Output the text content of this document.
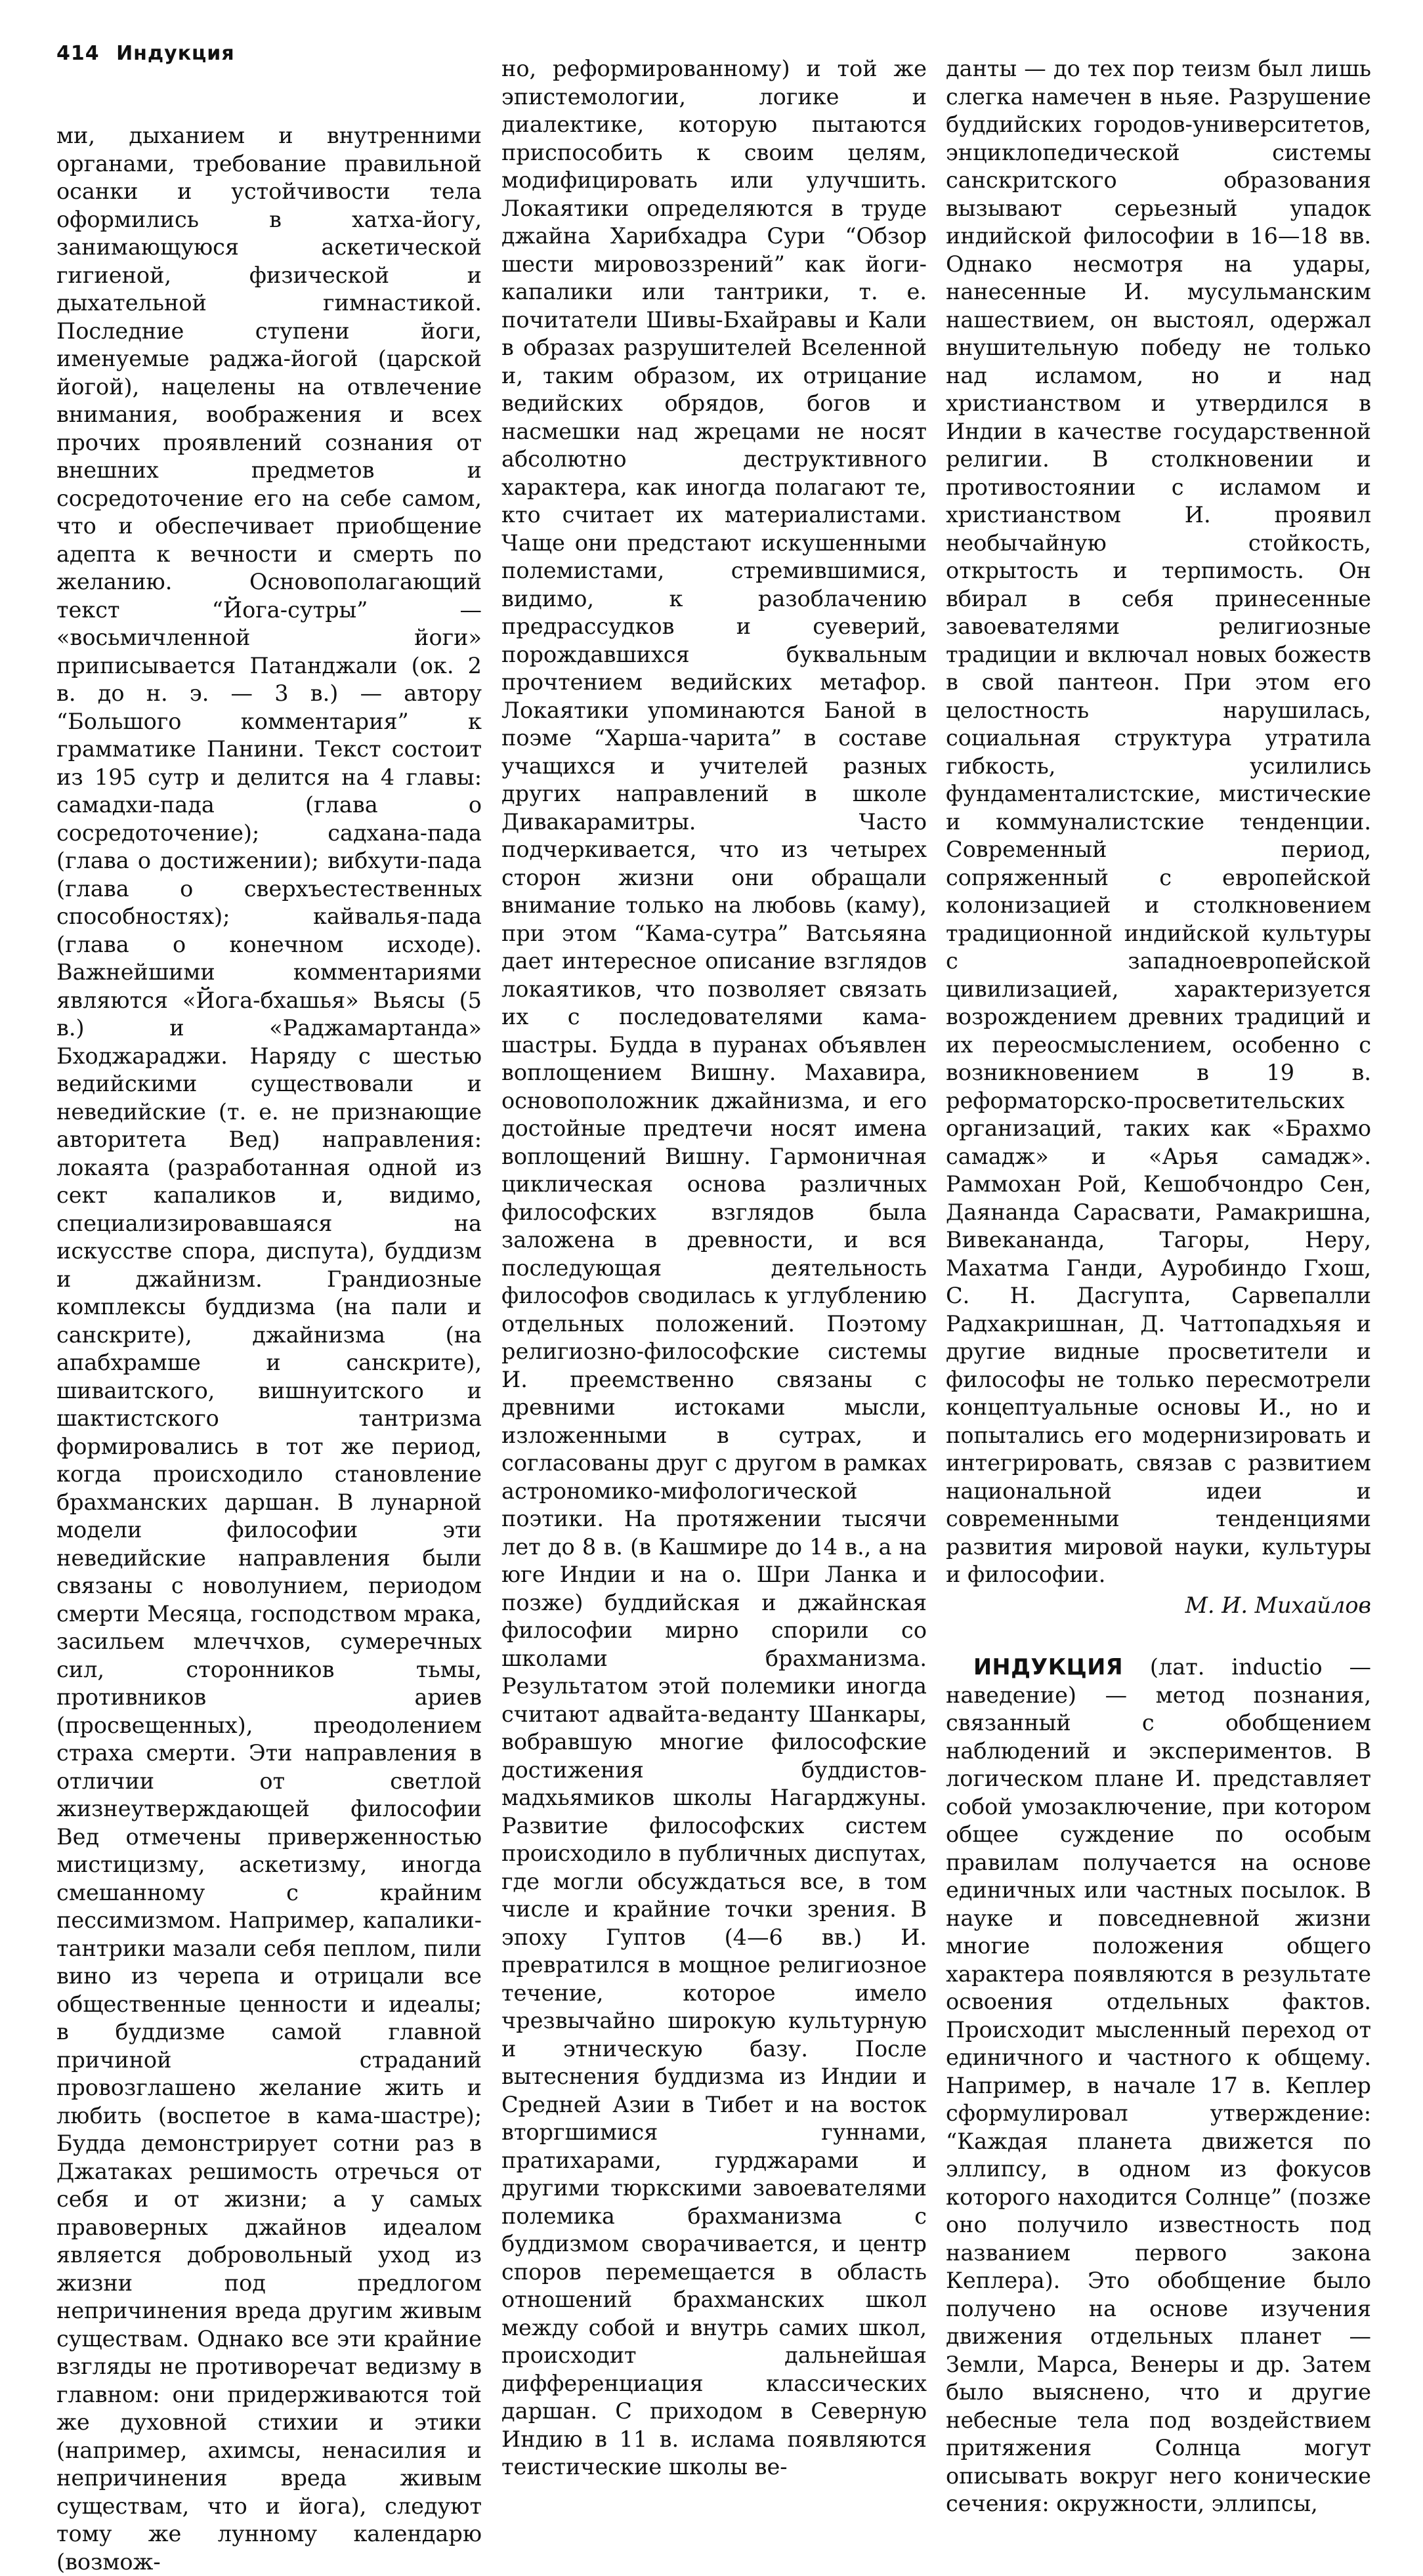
414 Индукция

ми, дыханием и внутренними органами, требование правильной осанки и устойчивости тела оформились в хатха-йогу, занимающуюся аскетической гигиеной, физической и дыхательной гимнастикой. Последние ступени йоги, именуемые раджа-йогой (царской йогой), нацелены на отвлечение внимания, воображения и всех прочих проявлений сознания от внешних предметов и сосредоточение его на себе самом, что и обеспечивает приобщение адепта к вечности и смерть по желанию. Основополагающий текст “Йога-сутры” — «восьмичленной йоги» приписывается Патанджали (ок. 2 в. до н. э. — 3 в.) — автору “Большого комментария” к грамматике Панини. Текст состоит из 195 сутр и делится на 4 главы: самадхи-пада (глава о сосредоточение); садхана-пада (глава о достижении); вибхути-пада (глава о сверхъестественных способностях); кайвалья-пада (глава о конечном исходе). Важнейшими комментариями являются «Йога-бхашья» Вьясы (5 в.) и «Раджамартанда» Бходжараджи. Наряду с шестью ведийскими существовали и неведийские (т. е. не признающие авторитета Вед) направления: локаята (разработанная одной из сект капаликов и, видимо, специализировавшаяся на искусстве спора, диспута), буддизм и джайнизм. Грандиозные комплексы буддизма (на пали и санскрите), джайнизма (на апабхрамше и санскрите), шиваитского, вишнуитского и шактистского тантризма формировались в тот же период, когда происходило становление брахманских даршан. В лунарной модели философии эти неведийские направления были связаны с новолунием, периодом смерти Месяца, господством мрака, засильем млеччхов, сумеречных сил, сторонников тьмы, противников ариев (просвещенных), преодолением страха смерти. Эти направления в отличии от светлой жизнеутверждающей философии Вед отмечены приверженностью мистицизму, аскетизму, иногда смешанному с крайним пессимизмом. Например, капалики-тантрики мазали себя пеплом, пили вино из черепа и отрицали все общественные ценности и идеалы; в буддизме самой главной причиной страданий провозглашено желание жить и любить (воспетое в кама-шастре); Будда демонстрирует сотни раз в Джатаках решимость отречься от себя и от жизни; а у самых правоверных джайнов идеалом является добровольный уход из жизни под предлогом непричинения вреда другим живым существам. Однако все эти крайние взгляды не противоречат ведизму в главном: они придерживаются той же духовной стихии и этики (например, ахимсы, ненасилия и непричинения вреда живым существам, что и йога), следуют тому же лунному календарю (возмож-

но, реформированному) и той же эпистемологии, логике и диалектике, которую пытаются приспособить к своим целям, модифицировать или улучшить. Локаятики определяются в труде джайна Харибхадра Сури “Обзор шести мировоззрений” как йоги-капалики или тантрики, т. е. почитатели Шивы-Бхайравы и Кали в образах разрушителей Вселенной и, таким образом, их отрицание ведийских обрядов, богов и насмешки над жрецами не носят абсолютно деструктивного характера, как иногда полагают те, кто считает их материалистами. Чаще они предстают искушенными полемистами, стремившимися, видимо, к разоблачению предрассудков и суеверий, порождавшихся буквальным прочтением ведийских метафор. Локаятики упоминаются Баной в поэме “Харша-чарита” в составе учащихся и учителей разных других направлений в школе Дивакарамитры. Часто подчеркивается, что из четырех сторон жизни они обращали внимание только на любовь (каму), при этом “Кама-сутра” Ватсьяяна дает интересное описание взглядов локаятиков, что позволяет связать их с последователями кама-шастры. Будда в пуранах объявлен воплощением Вишну. Махавира, основоположник джайнизма, и его достойные предтечи носят имена воплощений Вишну. Гармоничная циклическая основа различных философских взглядов была заложена в древности, и вся последующая деятельность философов сводилась к углублению отдельных положений. Поэтому религиозно-философские системы И. преемственно связаны с древними истоками мысли, изложенными в сутрах, и согласованы друг с другом в рамках астрономико-мифологической поэтики. На протяжении тысячи лет до 8 в. (в Кашмире до 14 в., а на юге Индии и на о. Шри Ланка и позже) буддийская и джайнская философии мирно спорили со школами брахманизма. Результатом этой полемики иногда считают адвайта-веданту Шанкары, вобравшую многие философские достижения буддистов-мадхьямиков школы Нагарджуны. Развитие философских систем происходило в публичных диспутах, где могли обсуждаться все, в том числе и крайние точки зрения. В эпоху Гуптов (4—6 вв.) И. превратился в мощное религиозное течение, которое имело чрезвычайно широкую культурную и этническую базу. После вытеснения буддизма из Индии и Средней Азии в Тибет и на восток вторгшимися гуннами, пратихарами, гурджарами и другими тюркскими завоевателями полемика брахманизма с буддизмом сворачивается, и центр споров перемещается в область отношений брахманских школ между собой и внутрь самих школ, происходит дальнейшая дифференциация классических даршан. С приходом в Северную Индию в 11 в. ислама появляются теистические школы ве-

данты — до тех пор теизм был лишь слегка намечен в ньяе. Разрушение буддийских городов-университетов, энциклопедической системы санскритского образования вызывают серьезный упадок индийской философии в 16—18 вв. Однако несмотря на удары, нанесенные И. мусульманским нашествием, он выстоял, одержал внушительную победу не только над исламом, но и над христианством и утвердился в Индии в качестве государственной религии. В столкновении и противостоянии с исламом и христианством И. проявил необычайную стойкость, открытость и терпимость. Он вбирал в себя принесенные завоевателями религиозные традиции и включал новых божеств в свой пантеон. При этом его целостность нарушилась, социальная структура утратила гибкость, усилились фундаменталистские, мистические и коммуналистские тенденции. Современный период, сопряженный с европейской колонизацией и столкновением традиционной индийской культуры с западноевропейской цивилизацией, характеризуется возрождением древних традиций и их переосмыслением, особенно с возникновением в 19 в. реформаторско-просветительских организаций, таких как «Брахмо самадж» и «Арья самадж». Раммохан Рой, Кешобчондро Сен, Даянанда Сарасвати, Рамакришна, Вивекананда, Тагоры, Неру, Махатма Ганди, Ауробиндо Гхош, С. Н. Дасгупта, Сарвепалли Радхакришнан, Д. Чаттопадхьяя и другие видные просветители и философы не только пересмотрели концептуальные основы И., но и попытались его модернизировать и интегрировать, связав с развитием национальной идеи и современными тенденциями развития мировой науки, культуры и философии.

М. И. Михайлов

ИНДУКЦИЯ (лат. inductio — наведение) — метод познания, связанный с обобщением наблюдений и экспериментов. В логическом плане И. представляет собой умозаключение, при котором общее суждение по особым правилам получается на основе единичных или частных посылок. В науке и повседневной жизни многие положения общего характера появляются в результате освоения отдельных фактов. Происходит мысленный переход от единичного и частного к общему. Например, в начале 17 в. Кеплер сформулировал утверждение: “Каждая планета движется по эллипсу, в одном из фокусов которого находится Солнце” (позже оно получило известность под названием первого закона Кеплера). Это обобщение было получено на основе изучения движения отдельных планет — Земли, Марса, Венеры и др. Затем было выяснено, что и другие небесные тела под воздействием притяжения Солнца могут описывать вокруг него конические сечения: окружности, эллипсы,
